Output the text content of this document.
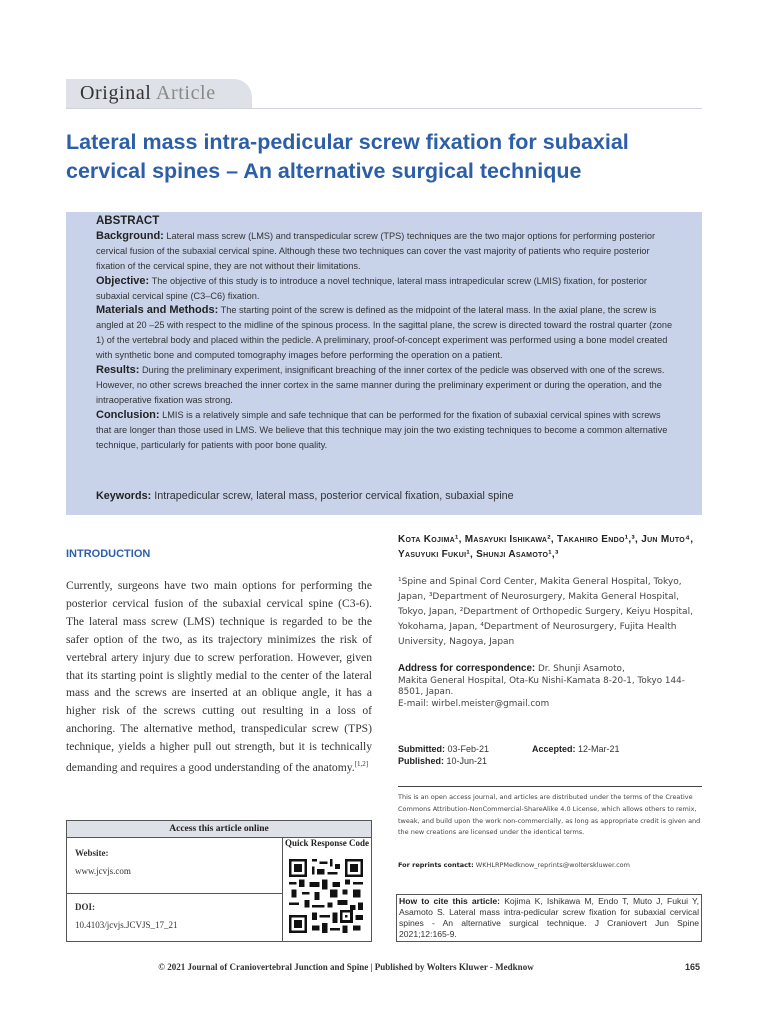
Original Article
Lateral mass intra-pedicular screw fixation for subaxial cervical spines – An alternative surgical technique

ABSTRACT

Background: Lateral mass screw (LMS) and transpedicular screw (TPS) techniques are the two major options for performing posterior cervical fusion of the subaxial cervical spine. Although these two techniques can cover the vast majority of patients who require posterior fixation of the cervical spine, they are not without their limitations.

Objective: The objective of this study is to introduce a novel technique, lateral mass intrapedicular screw (LMIS) fixation, for posterior subaxial cervical spine (C3–C6) fixation.

Materials and Methods: The starting point of the screw is defined as the midpoint of the lateral mass. In the axial plane, the screw is angled at 20 –25 with respect to the midline of the spinous process. In the sagittal plane, the screw is directed toward the rostral quarter (zone 1) of the vertebral body and placed within the pedicle. A preliminary, proof-of-concept experiment was performed using a bone model created with synthetic bone and computed tomography images before performing the operation on a patient.

Results: During the preliminary experiment, insignificant breaching of the inner cortex of the pedicle was observed with one of the screws. However, no other screws breached the inner cortex in the same manner during the preliminary experiment or during the operation, and the intraoperative fixation was strong.

Conclusion: LMIS is a relatively simple and safe technique that can be performed for the fixation of subaxial cervical spines with screws that are longer than those used in LMS. We believe that this technique may join the two existing techniques to become a common alternative technique, particularly for patients with poor bone quality.

Keywords: Intrapedicular screw, lateral mass, posterior cervical fixation, subaxial spine
INTRODUCTION
Currently, surgeons have two main options for performing the posterior cervical fusion of the subaxial cervical spine (C3-6). The lateral mass screw (LMS) technique is regarded to be the safer option of the two, as its trajectory minimizes the risk of vertebral artery injury due to screw perforation. However, given that its starting point is slightly medial to the center of the lateral mass and the screws are inserted at an oblique angle, it has a higher risk of the screws cutting out resulting in a loss of anchoring. The alternative method, transpedicular screw (TPS) technique, yields a higher pull out strength, but it is technically demanding and requires a good understanding of the anatomy.[1,2]
Access this article online
Quick Response Code
Website:
www.jcvjs.com
DOI:
10.4103/jcvjs.JCVJS_17_21
Kota Kojima¹, Masayuki Ishikawa², Takahiro Endo¹,³, Jun Muto⁴, Yasuyuki Fukui¹, Shunji Asamoto¹,³
¹Spine and Spinal Cord Center, Makita General Hospital, Tokyo, Japan, ³Department of Neurosurgery, Makita General Hospital, Tokyo, Japan, ²Department of Orthopedic Surgery, Keiyu Hospital, Yokohama, Japan, ⁴Department of Neurosurgery, Fujita Health University, Nagoya, Japan
Address for correspondence: Dr. Shunji Asamoto,
Makita General Hospital, Ota-Ku Nishi-Kamata 8-20-1, Tokyo 144-8501, Japan.
E-mail: wirbel.meister@gmail.com
Submitted: 03-Feb-21	Accepted: 12-Mar-21
Published: 10-Jun-21
This is an open access journal, and articles are distributed under the terms of the Creative Commons Attribution-NonCommercial-ShareAlike 4.0 License, which allows others to remix, tweak, and build upon the work non-commercially, as long as appropriate credit is given and the new creations are licensed under the identical terms.
For reprints contact: WKHLRPMedknow_reprints@wolterskluwer.com
How to cite this article: Kojima K, Ishikawa M, Endo T, Muto J, Fukui Y, Asamoto S. Lateral mass intra-pedicular screw fixation for subaxial cervical spines - An alternative surgical technique. J Craniovert Jun Spine 2021;12:165-9.
© 2021 Journal of Craniovertebral Junction and Spine | Published by Wolters Kluwer - Medknow	165
